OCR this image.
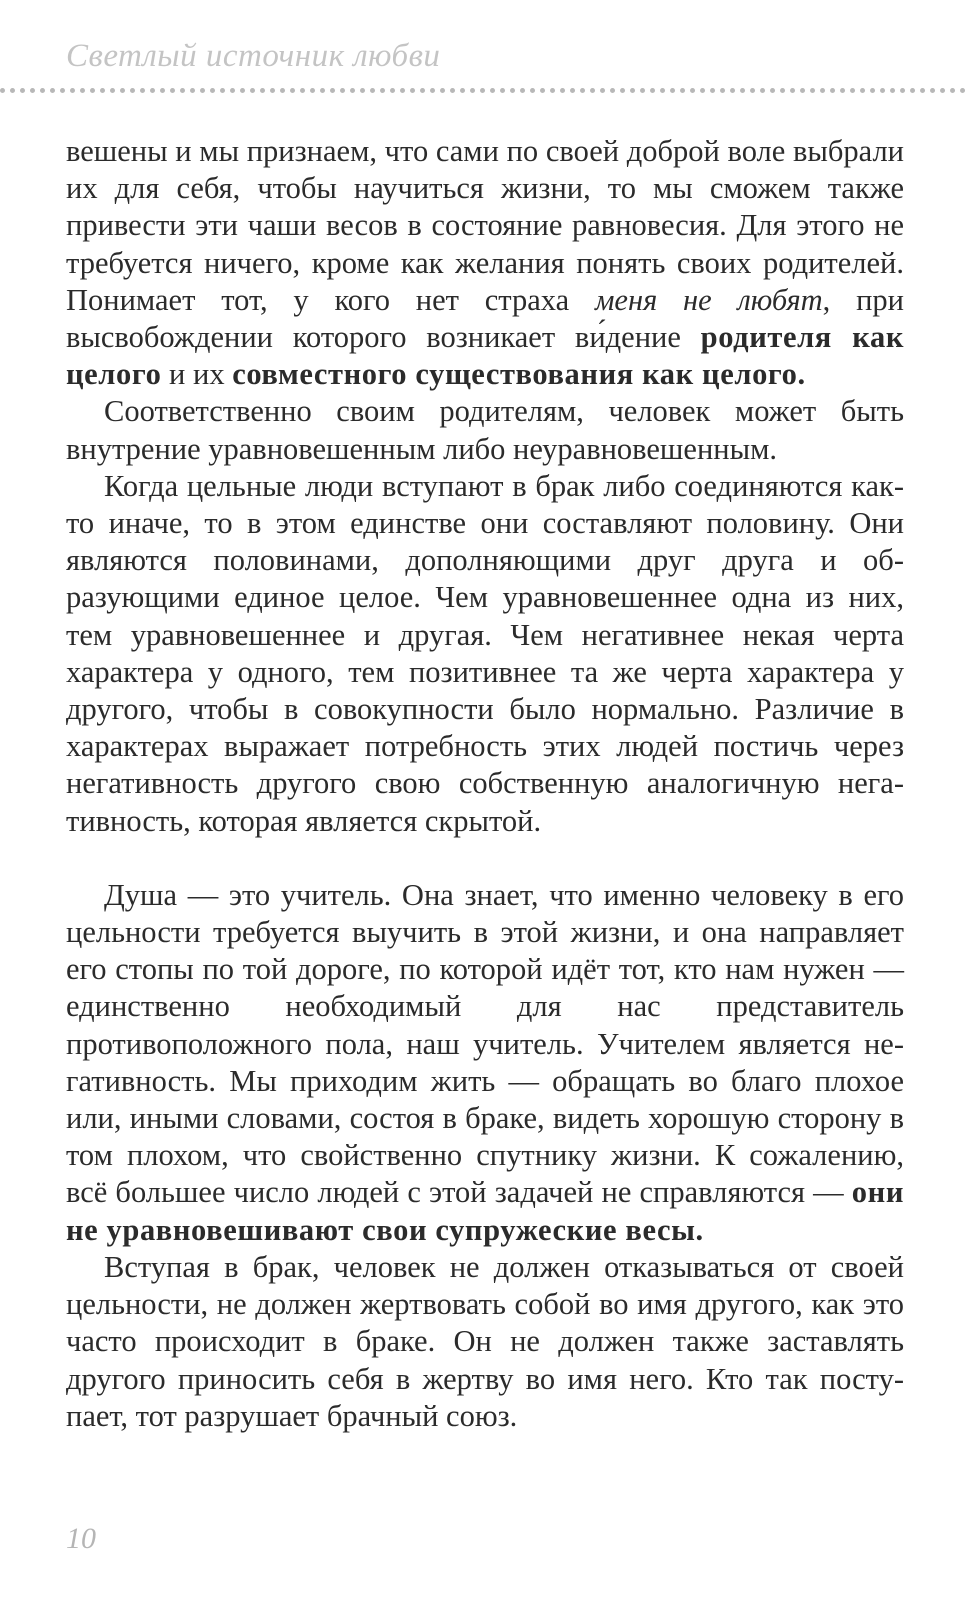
Светлый источник любви

вешены и мы признаем, что сами по своей доброй воле выбрали их для себя, чтобы научиться жизни, то мы сможем также привести эти чаши весов в состояние равновесия. Для этого не требуется ничего, кроме как желания понять своих родителей. Понимает тот, у кого нет страха меня не любят, при высвобождении которого возникает ви́дение родителя как целого и их совместного существования как целого.

Соответственно своим родителям, человек может быть внутрение уравновешенным либо неуравновешенным.

Когда цельные люди вступают в брак либо соединяются как-то иначе, то в этом единстве они составляют половину. Они являются половинами, дополняющими друг друга и образующими единое целое. Чем уравновешеннее одна из них, тем уравновешеннее и другая. Чем негативнее некая черта характера у одного, тем позитивнее та же черта характера у другого, чтобы в совокупности было нормально. Различие в характерах выражает потребность этих людей постичь через негативность другого свою собственную аналогичную негативность, которая является скрытой.

Душа — это учитель. Она знает, что именно человеку в его цельности требуется выучить в этой жизни, и она направляет его стопы по той дороге, по которой идёт тот, кто нам нужен — единственно необходимый для нас представитель противоположного пола, наш учитель. Учителем является негативность. Мы приходим жить — обращать во благо плохое или, иными словами, состоя в браке, видеть хорошую сторону в том плохом, что свойственно спутнику жизни. К сожалению, всё большее число людей с этой задачей не справляются — они не уравновешивают свои супружеские весы.

Вступая в брак, человек не должен отказываться от своей цельности, не должен жертвовать собой во имя другого, как это часто происходит в браке. Он не должен также заставлять другого приносить себя в жертву во имя него. Кто так поступает, тот разрушает брачный союз.

10
